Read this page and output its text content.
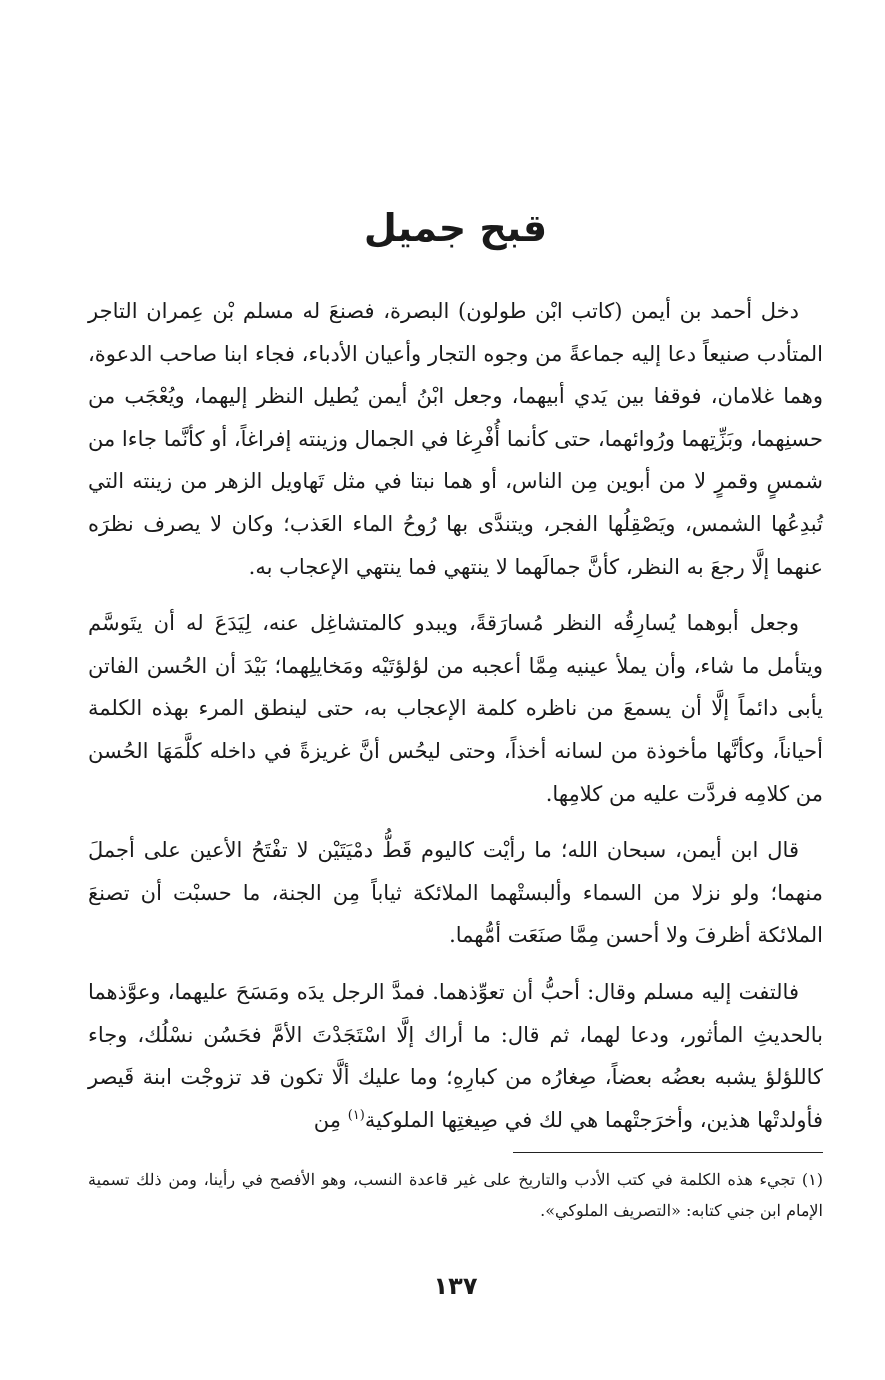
قبح جميل

دخل أحمد بن أيمن (كاتب ابْن طولون) البصرة، فصنعَ له مسلم بْن عِمران التاجر المتأدب صنيعاً دعا إليه جماعةً من وجوه التجار وأعيان الأدباء، فجاء ابنا صاحب الدعوة، وهما غلامان، فوقفا بين يَدي أبيهما، وجعل ابْنُ أيمن يُطيل النظر إليهما، ويُعْجَب من حسنِهما، وبَزِّتِهما ورُوائهما، حتى كأنما أُفْرِغا في الجمال وزينته إفراغاً، أو كأنَّما جاءا من شمسٍ وقمرٍ لا من أبوين مِن الناس، أو هما نبتا في مثل تَهاويل الزهر من زينته التي تُبدِعُها الشمس، ويَصْقِلُها الفجر، ويتندَّى بها رُوحُ الماء العَذب؛ وكان لا يصرف نظرَه عنهما إلَّا رجعَ به النظر، كأنَّ جمالَهما لا ينتهي فما ينتهي الإعجاب به.

وجعل أبوهما يُسارِقُه النظر مُسارَقةً، ويبدو كالمتشاغِل عنه، لِيَدَعَ له أن يتَوسَّم ويتأمل ما شاء، وأن يملأ عينيه مِمَّا أعجبه من لؤلؤتَيْه ومَخايلِهما؛ بَيْدَ أن الحُسن الفاتن يأبى دائماً إلَّا أن يسمعَ من ناظره كلمة الإعجاب به، حتى لينطق المرء بهذه الكلمة أحياناً، وكأنَّها مأخوذة من لسانه أخذاً، وحتى ليحُس أنَّ غريزةً في داخله كلَّمَهَا الحُسن من كلامِه فردَّت عليه من كلامِها.

قال ابن أيمن، سبحان الله؛ ما رأيْت كاليوم قَطُّ دمْيَتَيْن لا تفْتَحُ الأعين على أجملَ منهما؛ ولو نزلا من السماء وألبستْهما الملائكة ثياباً مِن الجنة، ما حسبْت أن تصنعَ الملائكة أظرفَ ولا أحسن مِمَّا صنَعَت أمُّهما.

فالتفت إليه مسلم وقال: أحبُّ أن تعوِّذهما. فمدَّ الرجل يدَه ومَسَحَ عليهما، وعوَّذهما بالحديثِ المأثور، ودعا لهما، ثم قال: ما أراك إلَّا اسْتَجَدْتَ الأمَّ فحَسُن نسْلُك، وجاء كاللؤلؤ يشبه بعضُه بعضاً، صِغارُه من كبارِهِ؛ وما عليك ألَّا تكون قد تزوجْت ابنة قَيصر فأولدتْها هذين، وأخرَجتْهما هي لك في صِيغتِها الملوكية$^{(١)}$ مِن

(١) تجيء هذه الكلمة في كتب الأدب والتاريخ على غير قاعدة النسب، وهو الأفصح في رأينا، ومن ذلك تسمية الإمام ابن جني كتابه: «التصريف الملوكي».

١٣٧
